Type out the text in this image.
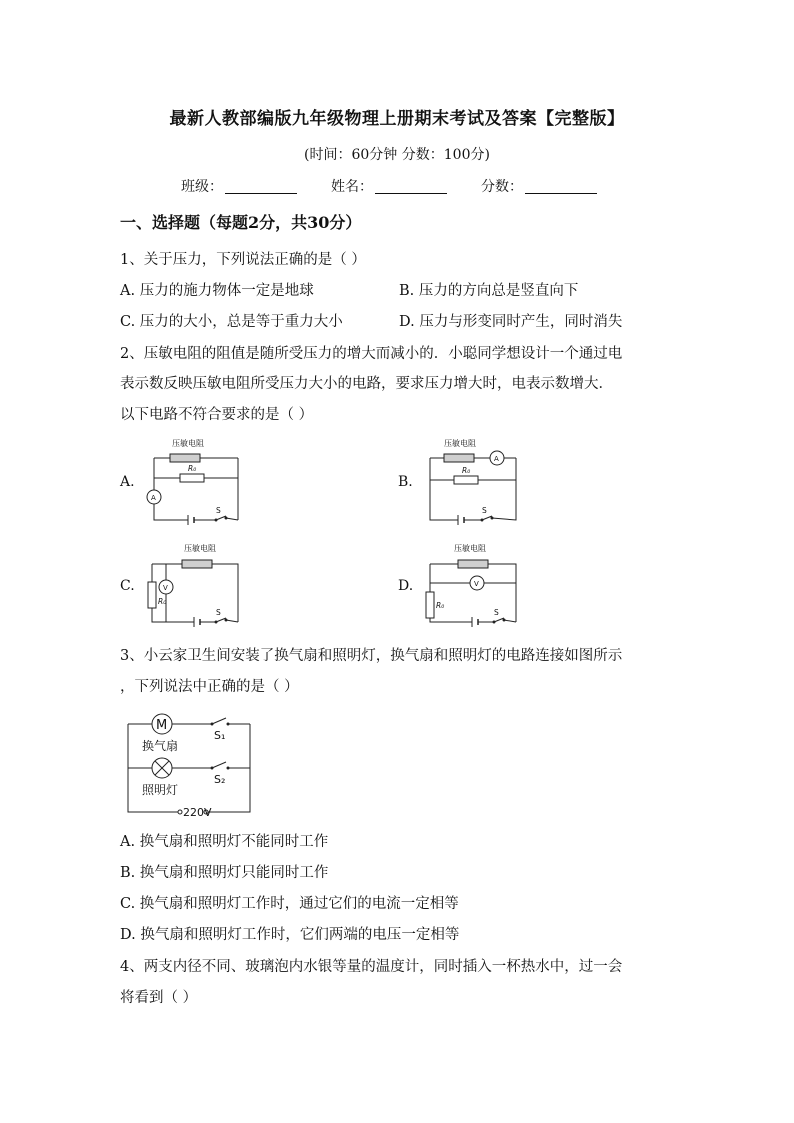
最新人教部编版九年级物理上册期末考试及答案【完整版】
(时间：60分钟 分数：100分)
班级：	姓名：	分数：
一、选择题（每题2分，共30分）
1、关于压力，下列说法正确的是（ ）
A. 压力的施力物体一定是地球	B. 压力的方向总是竖直向下
C. 压力的大小，总是等于重力大小	D. 压力与形变同时产生，同时消失
2、压敏电阻的阻值是随所受压力的增大而减小的．小聪同学想设计一个通过电
表示数反映压敏电阻所受压力大小的电路，要求压力增大时，电表示数增大．
以下电路不符合要求的是（ ）
A.	B.
C.	D.
压敏电阻
R₀
A
S
压敏电阻
R₀
A
S
压敏电阻
R₀
V
S
压敏电阻
R₀
V
S
3、小云家卫生间安装了换气扇和照明灯，换气扇和照明灯的电路连接如图所示
，下列说法中正确的是（ ）
M
换气扇
照明灯
S₁
S₂
220V
A. 换气扇和照明灯不能同时工作
B. 换气扇和照明灯只能同时工作
C. 换气扇和照明灯工作时，通过它们的电流一定相等
D. 换气扇和照明灯工作时，它们两端的电压一定相等
4、两支内径不同、玻璃泡内水银等量的温度计，同时插入一杯热水中，过一会
将看到（ ）
